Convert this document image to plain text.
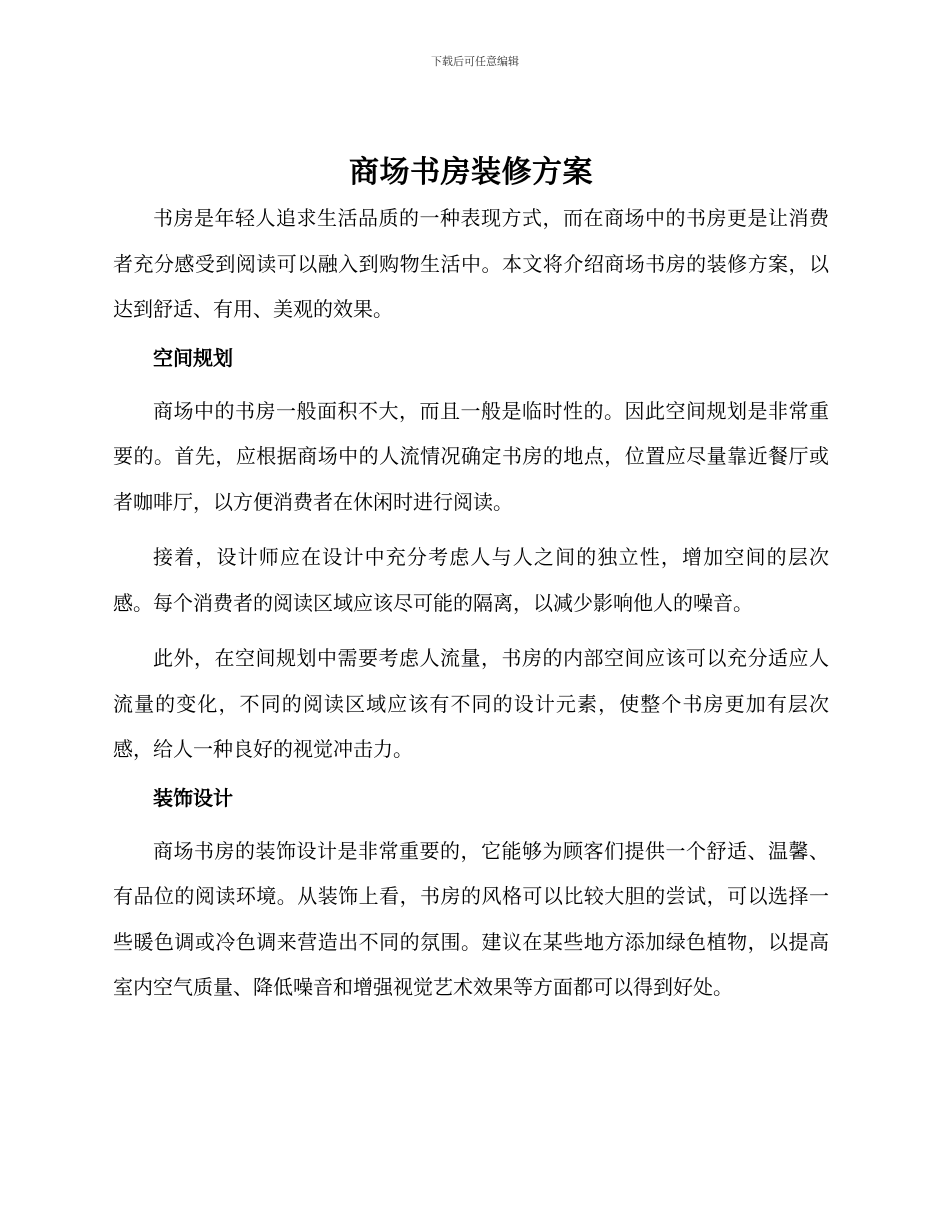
下载后可任意编辑
商场书房装修方案

书房是年轻人追求生活品质的一种表现方式，而在商场中的书房更是让消费者充分感受到阅读可以融入到购物生活中。本文将介绍商场书房的装修方案，以达到舒适、有用、美观的效果。

空间规划

商场中的书房一般面积不大，而且一般是临时性的。因此空间规划是非常重要的。首先，应根据商场中的人流情况确定书房的地点，位置应尽量靠近餐厅或者咖啡厅，以方便消费者在休闲时进行阅读。

接着，设计师应在设计中充分考虑人与人之间的独立性，增加空间的层次感。每个消费者的阅读区域应该尽可能的隔离，以减少影响他人的噪音。

此外，在空间规划中需要考虑人流量，书房的内部空间应该可以充分适应人流量的变化，不同的阅读区域应该有不同的设计元素，使整个书房更加有层次感，给人一种良好的视觉冲击力。

装饰设计

商场书房的装饰设计是非常重要的，它能够为顾客们提供一个舒适、温馨、有品位的阅读环境。从装饰上看，书房的风格可以比较大胆的尝试，可以选择一些暖色调或冷色调来营造出不同的氛围。建议在某些地方添加绿色植物，以提高室内空气质量、降低噪音和增强视觉艺术效果等方面都可以得到好处。
